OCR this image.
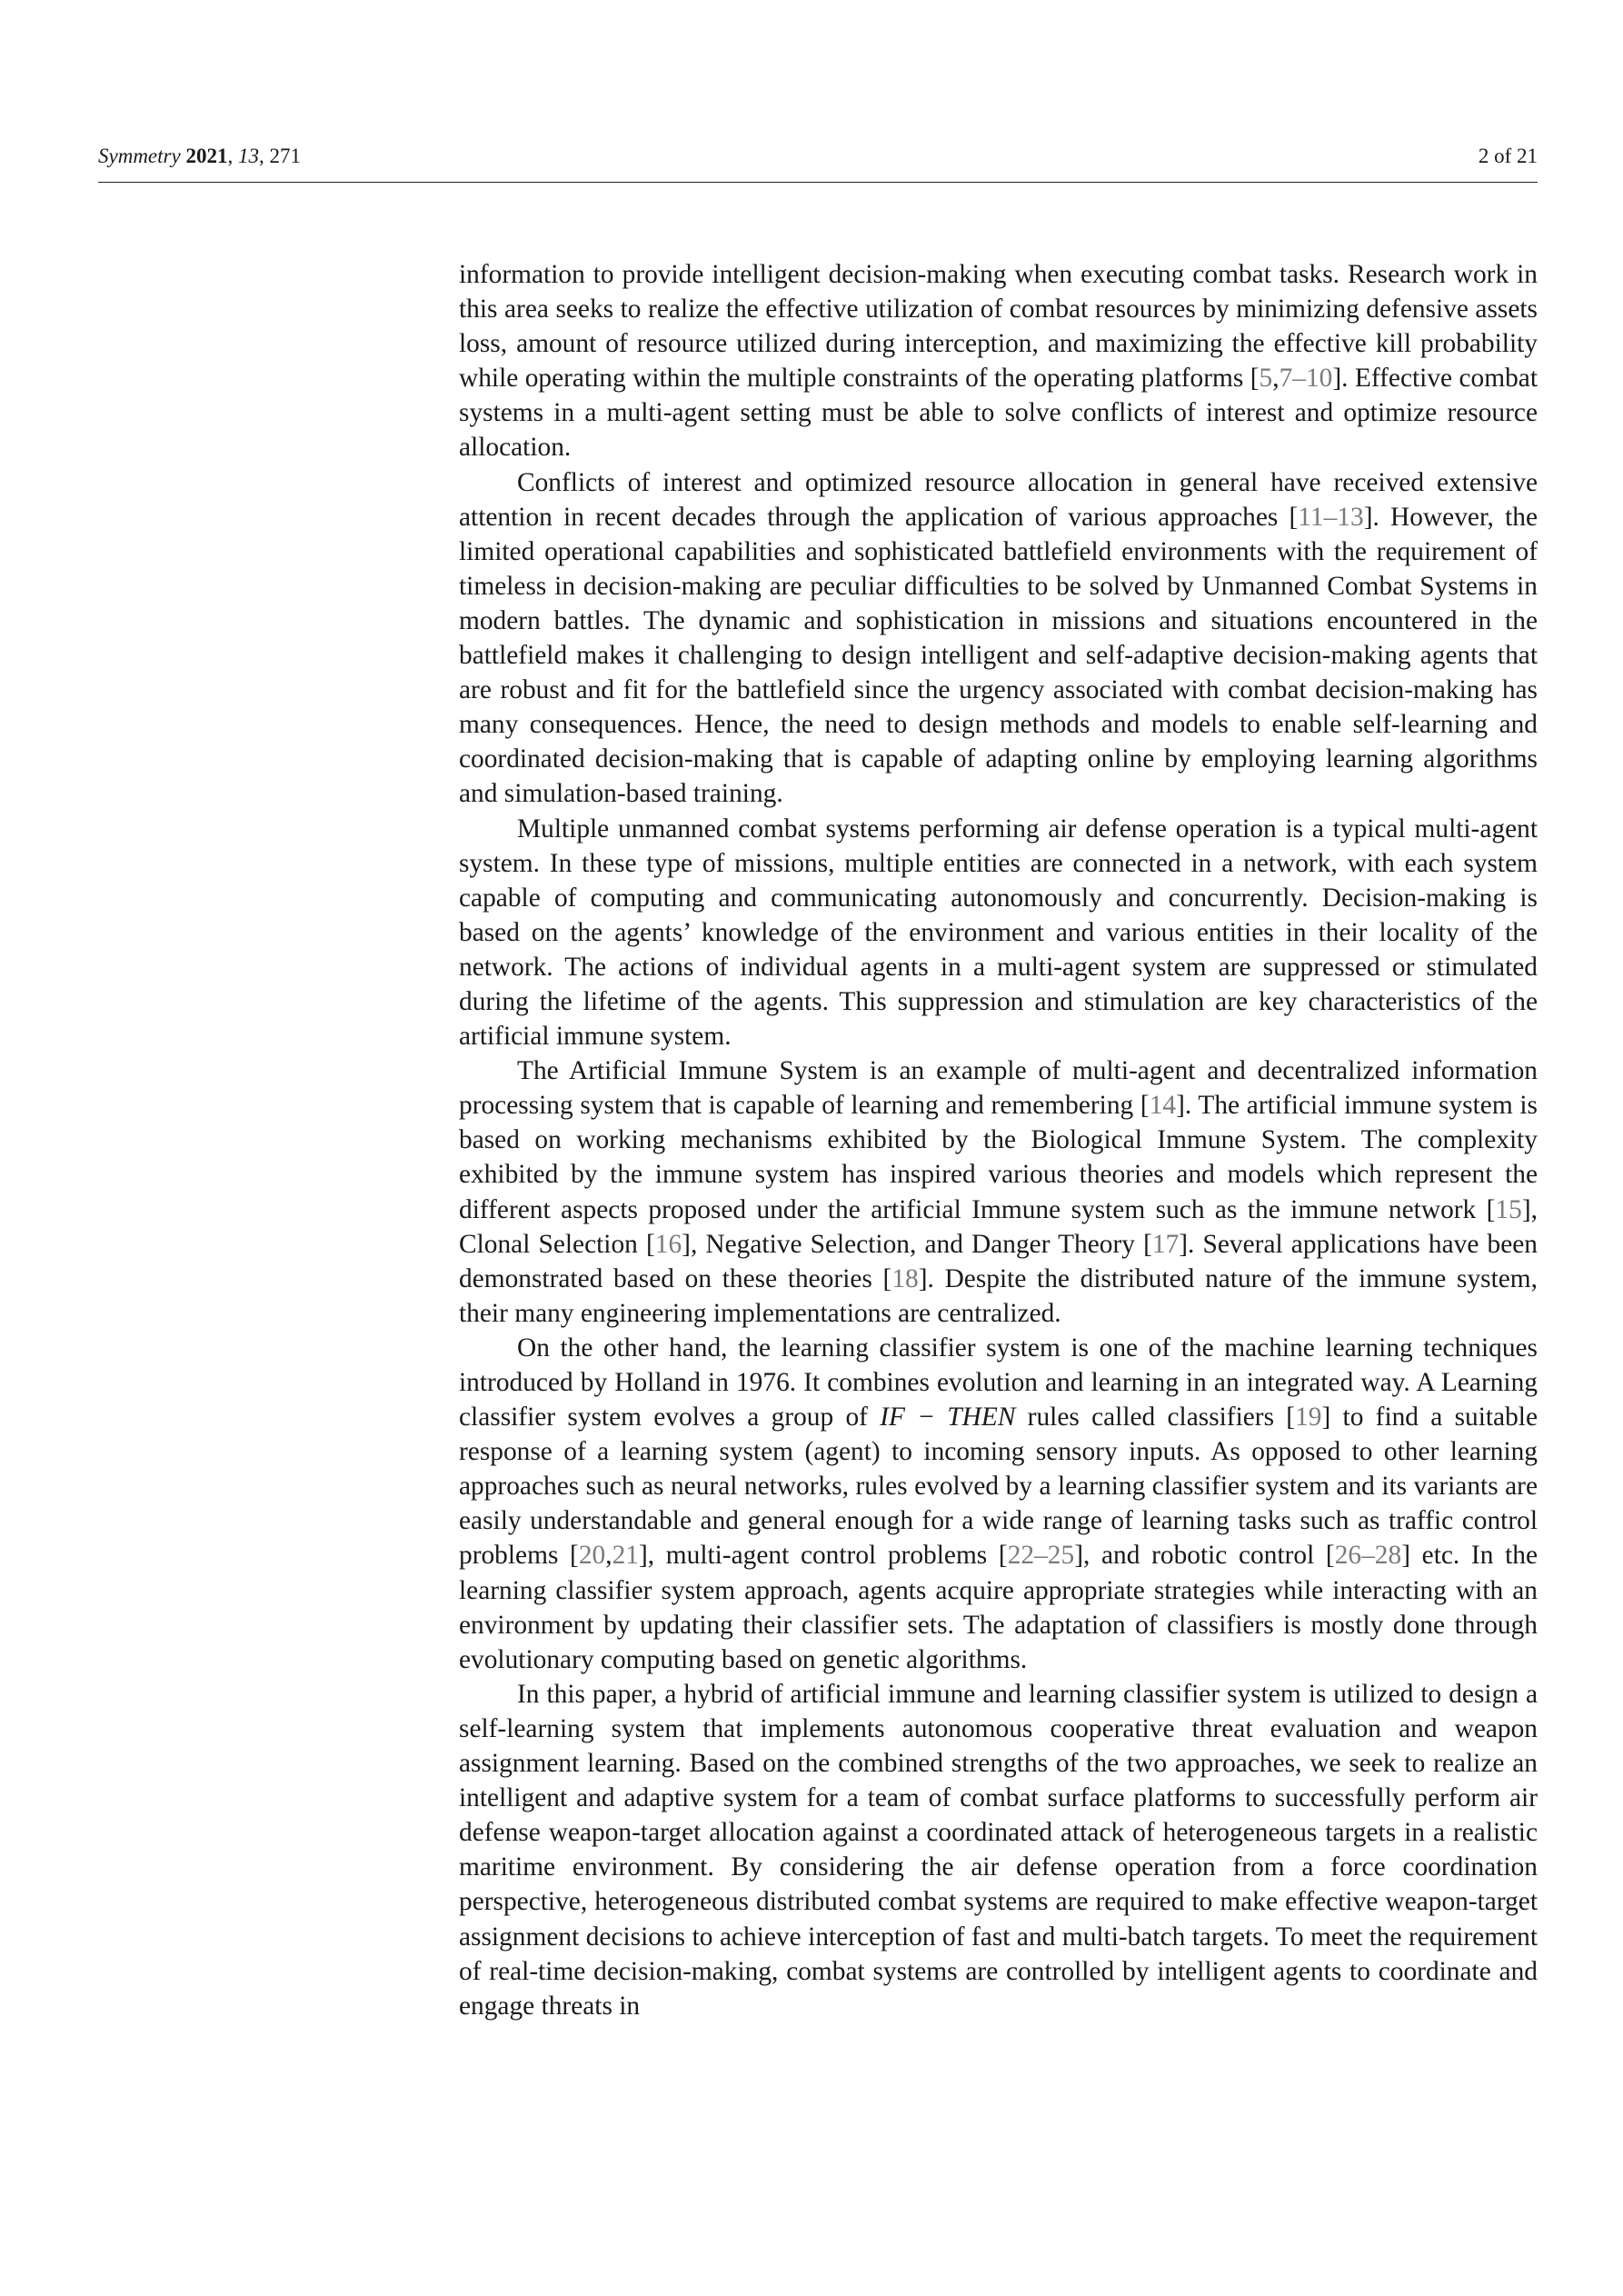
Symmetry 2021, 13, 271	2 of 21

information to provide intelligent decision-making when executing combat tasks. Research work in this area seeks to realize the effective utilization of combat resources by minimizing defensive assets loss, amount of resource utilized during interception, and maximizing the effective kill probability while operating within the multiple constraints of the operating platforms [5,7–10]. Effective combat systems in a multi-agent setting must be able to solve conflicts of interest and optimize resource allocation.

Conflicts of interest and optimized resource allocation in general have received extensive attention in recent decades through the application of various approaches [11–13]. However, the limited operational capabilities and sophisticated battlefield environments with the requirement of timeless in decision-making are peculiar difficulties to be solved by Unmanned Combat Systems in modern battles. The dynamic and sophistication in missions and situations encountered in the battlefield makes it challenging to design intelligent and self-adaptive decision-making agents that are robust and fit for the battlefield since the urgency associated with combat decision-making has many consequences. Hence, the need to design methods and models to enable self-learning and coordinated decision-making that is capable of adapting online by employing learning algorithms and simulation-based training.

Multiple unmanned combat systems performing air defense operation is a typical multi-agent system. In these type of missions, multiple entities are connected in a network, with each system capable of computing and communicating autonomously and concurrently. Decision-making is based on the agents’ knowledge of the environment and various entities in their locality of the network. The actions of individual agents in a multi-agent system are suppressed or stimulated during the lifetime of the agents. This suppression and stimulation are key characteristics of the artificial immune system.

The Artificial Immune System is an example of multi-agent and decentralized information processing system that is capable of learning and remembering [14]. The artificial immune system is based on working mechanisms exhibited by the Biological Immune System. The complexity exhibited by the immune system has inspired various theories and models which represent the different aspects proposed under the artificial Immune system such as the immune network [15], Clonal Selection [16], Negative Selection, and Danger Theory [17]. Several applications have been demonstrated based on these theories [18]. Despite the distributed nature of the immune system, their many engineering implementations are centralized.

On the other hand, the learning classifier system is one of the machine learning techniques introduced by Holland in 1976. It combines evolution and learning in an integrated way. A Learning classifier system evolves a group of IF − THEN rules called classifiers [19] to find a suitable response of a learning system (agent) to incoming sensory inputs. As opposed to other learning approaches such as neural networks, rules evolved by a learning classifier system and its variants are easily understandable and general enough for a wide range of learning tasks such as traffic control problems [20,21], multi-agent control problems [22–25], and robotic control [26–28] etc. In the learning classifier system approach, agents acquire appropriate strategies while interacting with an environment by updating their classifier sets. The adaptation of classifiers is mostly done through evolutionary computing based on genetic algorithms.

In this paper, a hybrid of artificial immune and learning classifier system is utilized to design a self-learning system that implements autonomous cooperative threat evaluation and weapon assignment learning. Based on the combined strengths of the two approaches, we seek to realize an intelligent and adaptive system for a team of combat surface platforms to successfully perform air defense weapon-target allocation against a coordinated attack of heterogeneous targets in a realistic maritime environment. By considering the air defense operation from a force coordination perspective, heterogeneous distributed combat systems are required to make effective weapon-target assignment decisions to achieve interception of fast and multi-batch targets. To meet the requirement of real-time decision-making, combat systems are controlled by intelligent agents to coordinate and engage threats in
